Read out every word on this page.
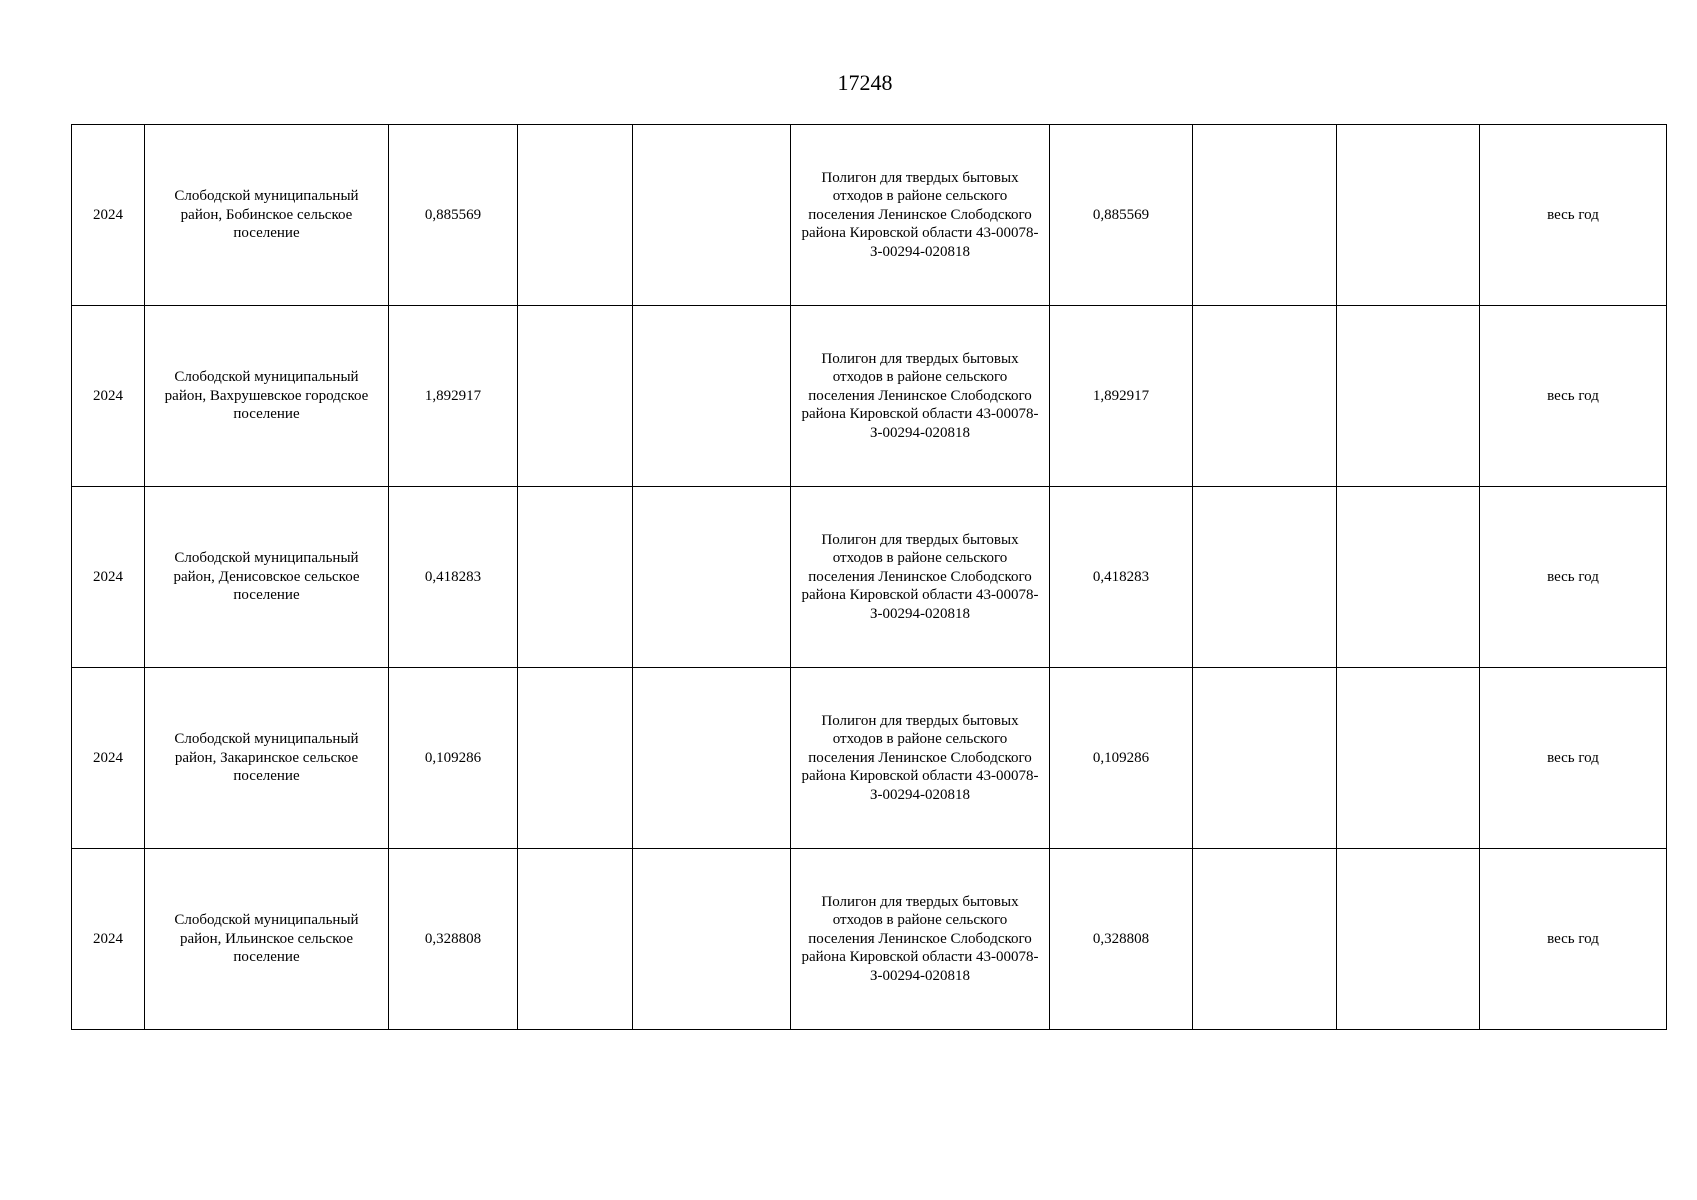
17248
2024	Слободской муниципальный район, Бобинское сельское поселение	0,885569			Полигон для твердых бытовых отходов в районе сельского поселения Ленинское Слободского района Кировской области 43-00078-З-00294-020818	0,885569			весь год
2024	Слободской муниципальный район, Вахрушевское городское поселение	1,892917			Полигон для твердых бытовых отходов в районе сельского поселения Ленинское Слободского района Кировской области 43-00078-З-00294-020818	1,892917			весь год
2024	Слободской муниципальный район, Денисовское сельское поселение	0,418283			Полигон для твердых бытовых отходов в районе сельского поселения Ленинское Слободского района Кировской области 43-00078-З-00294-020818	0,418283			весь год
2024	Слободской муниципальный район, Закаринское сельское поселение	0,109286			Полигон для твердых бытовых отходов в районе сельского поселения Ленинское Слободского района Кировской области 43-00078-З-00294-020818	0,109286			весь год
2024	Слободской муниципальный район, Ильинское сельское поселение	0,328808			Полигон для твердых бытовых отходов в районе сельского поселения Ленинское Слободского района Кировской области 43-00078-З-00294-020818	0,328808			весь год
